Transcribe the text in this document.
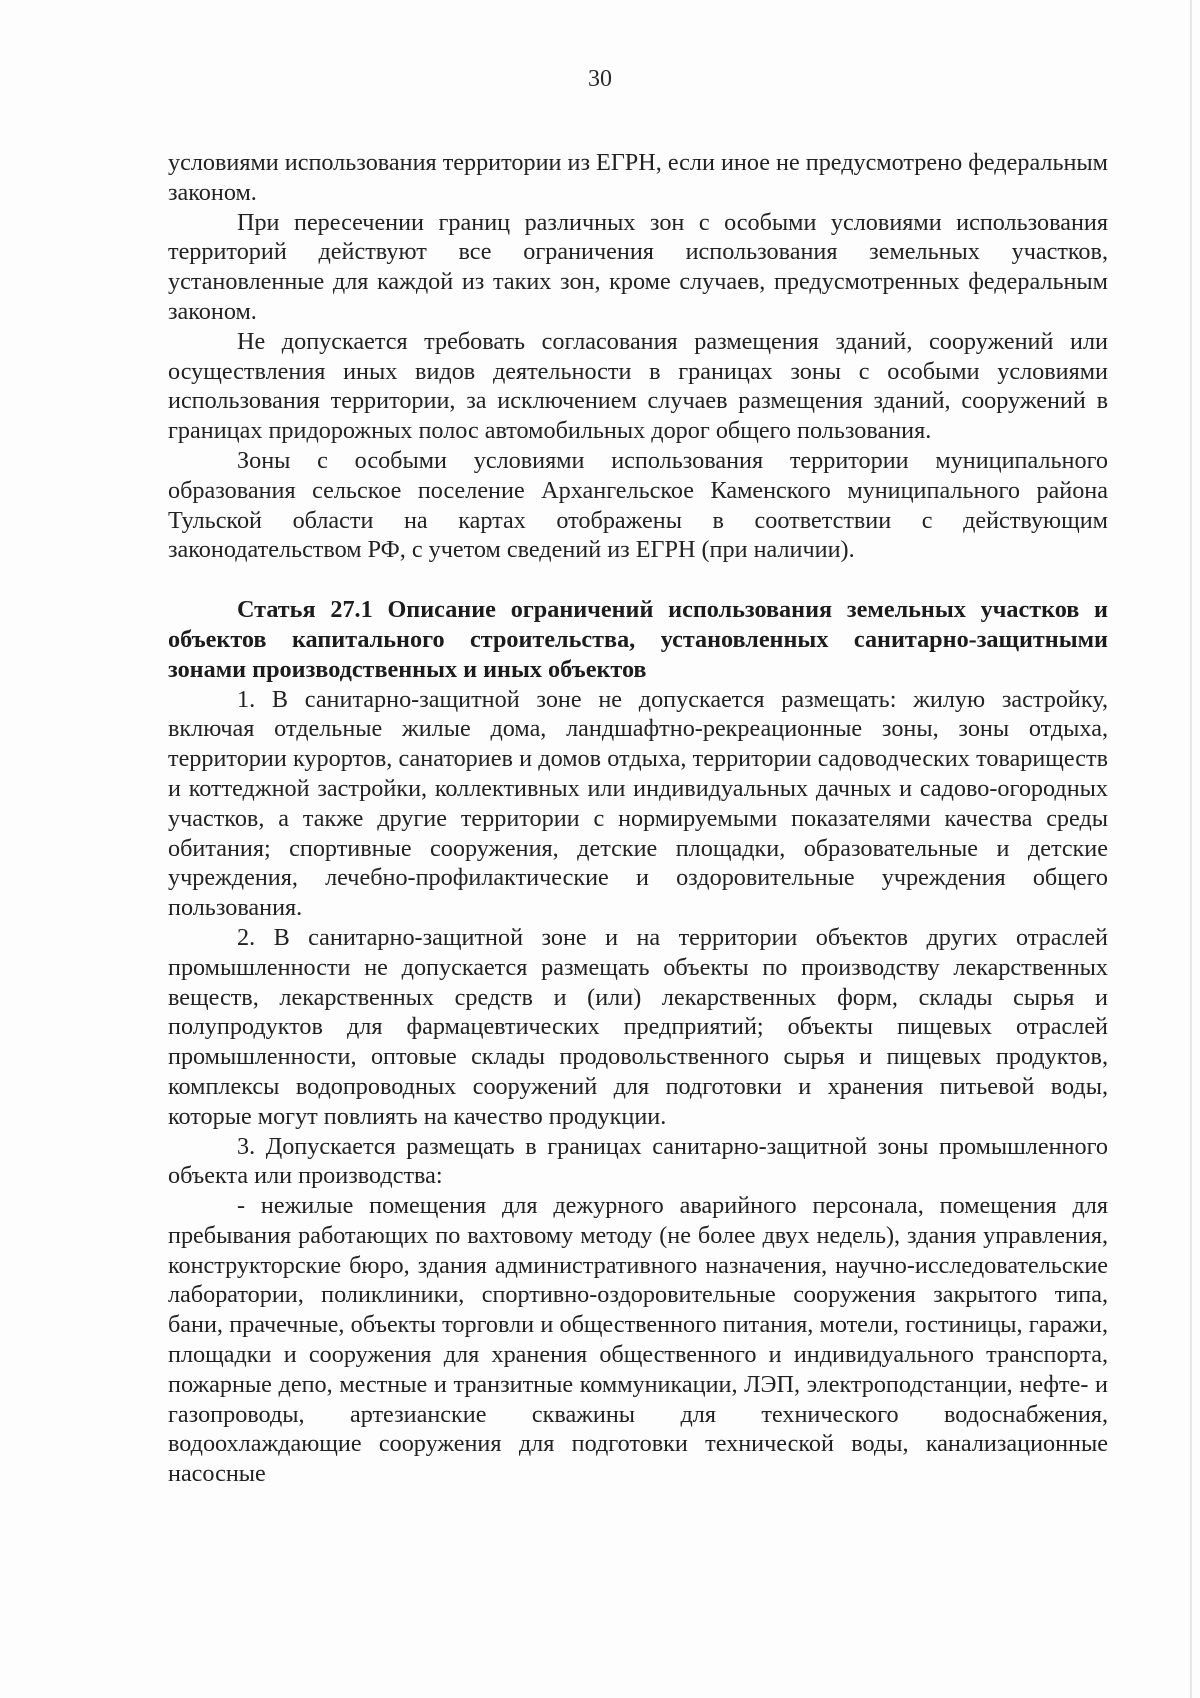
30

условиями использования территории из ЕГРН, если иное не предусмотрено федеральным законом.

При пересечении границ различных зон с особыми условиями использования территорий действуют все ограничения использования земельных участков, установленные для каждой из таких зон, кроме случаев, предусмотренных федеральным законом.

Не допускается требовать согласования размещения зданий, сооружений или осуществления иных видов деятельности в границах зоны с особыми условиями использования территории, за исключением случаев размещения зданий, сооружений в границах придорожных полос автомобильных дорог общего пользования.

Зоны с особыми условиями использования территории муниципального образования сельское поселение Архангельское Каменского муниципального района Тульской области на картах отображены в соответствии с действующим законодательством РФ, с учетом сведений из ЕГРН (при наличии).

Статья 27.1 Описание ограничений использования земельных участков и объектов капитального строительства, установленных санитарно-защитными зонами производственных и иных объектов

1. В санитарно-защитной зоне не допускается размещать: жилую застройку, включая отдельные жилые дома, ландшафтно-рекреационные зоны, зоны отдыха, территории курортов, санаториев и домов отдыха, территории садоводческих товариществ и коттеджной застройки, коллективных или индивидуальных дачных и садово-огородных участков, а также другие территории с нормируемыми показателями качества среды обитания; спортивные сооружения, детские площадки, образовательные и детские учреждения, лечебно-профилактические и оздоровительные учреждения общего пользования.

2. В санитарно-защитной зоне и на территории объектов других отраслей промышленности не допускается размещать объекты по производству лекарственных веществ, лекарственных средств и (или) лекарственных форм, склады сырья и полупродуктов для фармацевтических предприятий; объекты пищевых отраслей промышленности, оптовые склады продовольственного сырья и пищевых продуктов, комплексы водопроводных сооружений для подготовки и хранения питьевой воды, которые могут повлиять на качество продукции.

3. Допускается размещать в границах санитарно-защитной зоны промышленного объекта или производства:

- нежилые помещения для дежурного аварийного персонала, помещения для пребывания работающих по вахтовому методу (не более двух недель), здания управления, конструкторские бюро, здания административного назначения, научно-исследовательские лаборатории, поликлиники, спортивно-оздоровительные сооружения закрытого типа, бани, прачечные, объекты торговли и общественного питания, мотели, гостиницы, гаражи, площадки и сооружения для хранения общественного и индивидуального транспорта, пожарные депо, местные и транзитные коммуникации, ЛЭП, электроподстанции, нефте- и газопроводы, артезианские скважины для технического водоснабжения, водоохлаждающие сооружения для подготовки технической воды, канализационные насосные
